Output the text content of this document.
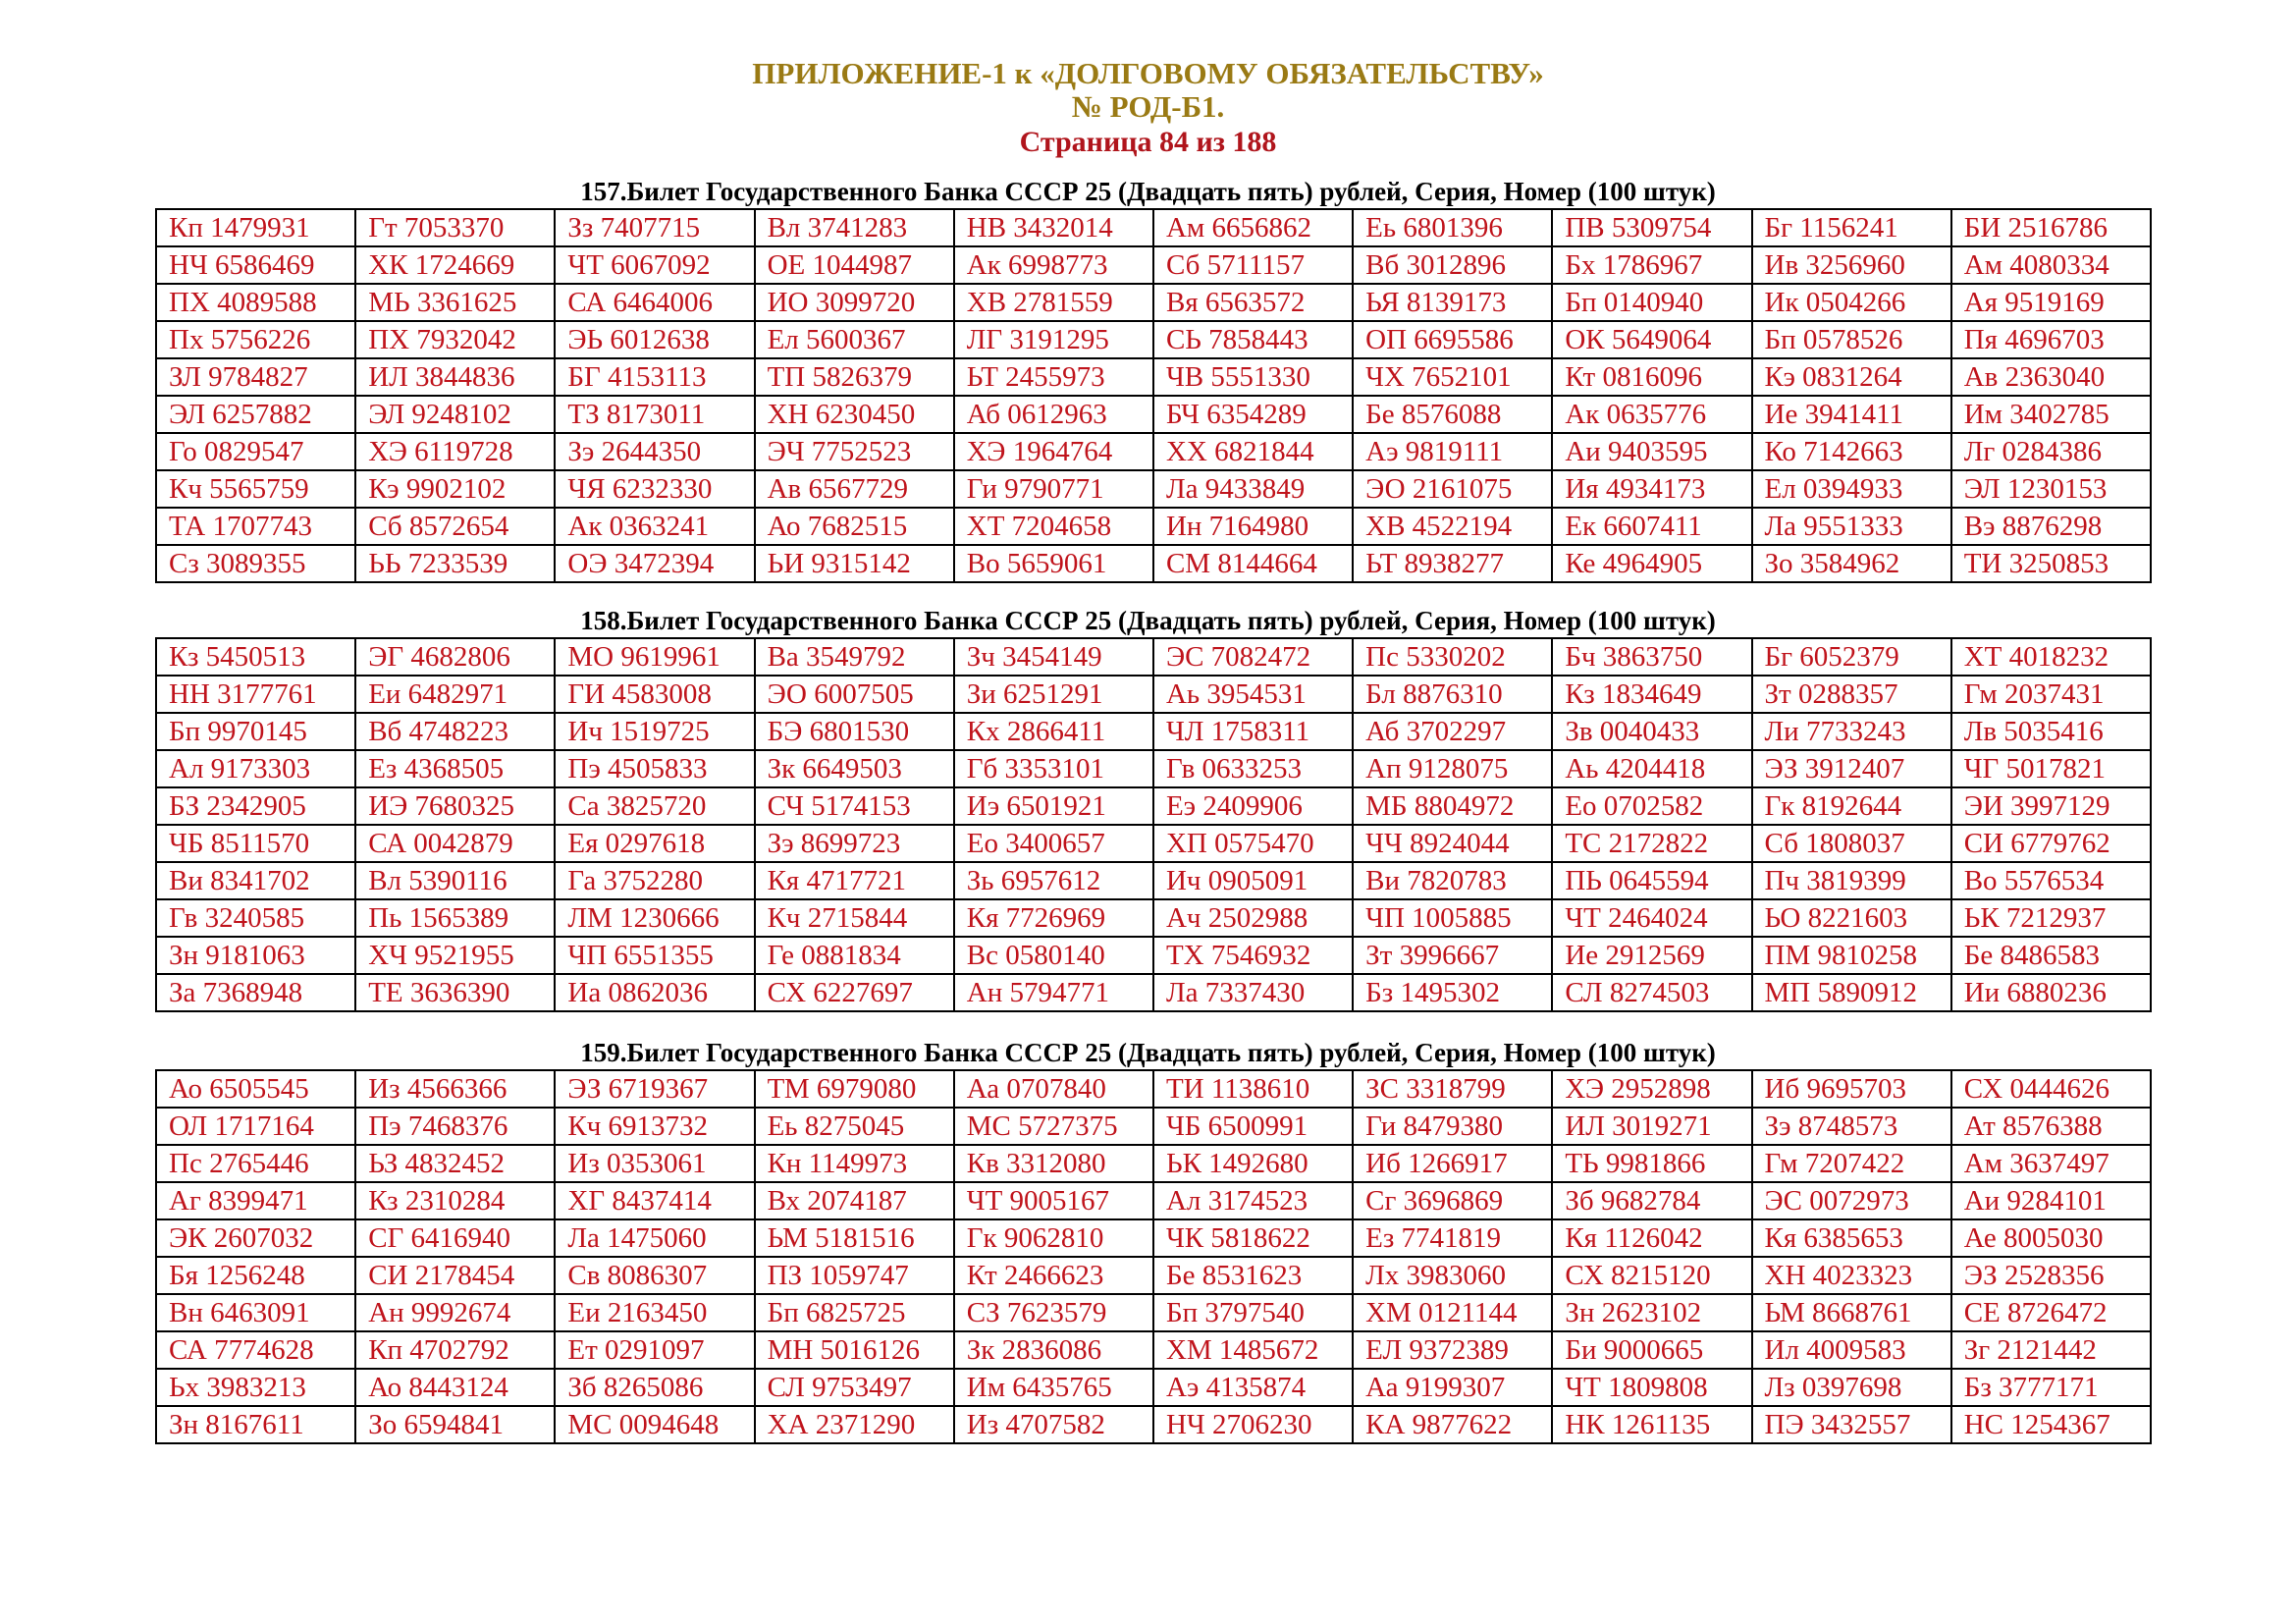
ПРИЛОЖЕНИЕ-1 к «ДОЛГОВОМУ ОБЯЗАТЕЛЬСТВУ»
№ РОД-Б1.
Страница 84 из 188
157.Билет Государственного Банка СССР 25 (Двадцать пять) рублей, Серия, Номер (100 штук)
Кп 1479931	Гт 7053370	Зз 7407715	Вл 3741283	НВ 3432014	Ам 6656862	Еь 6801396	ПВ 5309754	Бг 1156241	БИ 2516786
НЧ 6586469	ХК 1724669	ЧТ 6067092	ОЕ 1044987	Ак 6998773	Сб 5711157	Вб 3012896	Бх 1786967	Ив 3256960	Ам 4080334
ПХ 4089588	МЬ 3361625	СА 6464006	ИО 3099720	ХВ 2781559	Вя 6563572	ЬЯ 8139173	Бп 0140940	Ик 0504266	Ая 9519169
Пх 5756226	ПХ 7932042	ЭЬ 6012638	Ел 5600367	ЛГ 3191295	СЬ 7858443	ОП 6695586	ОК 5649064	Бп 0578526	Пя 4696703
ЗЛ 9784827	ИЛ 3844836	БГ 4153113	ТП 5826379	ЬТ 2455973	ЧВ 5551330	ЧХ 7652101	Кт 0816096	Кэ 0831264	Ав 2363040
ЭЛ 6257882	ЭЛ 9248102	ТЗ 8173011	ХН 6230450	Аб 0612963	БЧ 6354289	Бе 8576088	Ак 0635776	Ие 3941411	Им 3402785
Го 0829547	ХЭ 6119728	Зэ 2644350	ЭЧ 7752523	ХЭ 1964764	ХХ 6821844	Аэ 9819111	Аи 9403595	Ко 7142663	Лг 0284386
Кч 5565759	Кэ 9902102	ЧЯ 6232330	Ав 6567729	Ги 9790771	Ла 9433849	ЭО 2161075	Ия 4934173	Ел 0394933	ЭЛ 1230153
ТА 1707743	Сб 8572654	Ак 0363241	Ао 7682515	ХТ 7204658	Ин 7164980	ХВ 4522194	Ек 6607411	Ла 9551333	Вэ 8876298
Сз 3089355	ЬЬ 7233539	ОЭ 3472394	ЬИ 9315142	Во 5659061	СМ 8144664	ЬТ 8938277	Ке 4964905	Зо 3584962	ТИ 3250853
158.Билет Государственного Банка СССР 25 (Двадцать пять) рублей, Серия, Номер (100 штук)
Кз 5450513	ЭГ 4682806	МО 9619961	Ва 3549792	Зч 3454149	ЭС 7082472	Пс 5330202	Бч 3863750	Бг 6052379	ХТ 4018232
НН 3177761	Еи 6482971	ГИ 4583008	ЭО 6007505	Зи 6251291	Аь 3954531	Бл 8876310	Кз 1834649	Зт 0288357	Гм 2037431
Бп 9970145	Вб 4748223	Ич 1519725	БЭ 6801530	Кх 2866411	ЧЛ 1758311	Аб 3702297	Зв 0040433	Ли 7733243	Лв 5035416
Ал 9173303	Ез 4368505	Пэ 4505833	Зк 6649503	Гб 3353101	Гв 0633253	Ап 9128075	Аь 4204418	ЭЗ 3912407	ЧГ 5017821
БЗ 2342905	ИЭ 7680325	Са 3825720	СЧ 5174153	Иэ 6501921	Еэ 2409906	МБ 8804972	Ео 0702582	Гк 8192644	ЭИ 3997129
ЧБ 8511570	СА 0042879	Ея 0297618	Зэ 8699723	Ео 3400657	ХП 0575470	ЧЧ 8924044	ТС 2172822	Сб 1808037	СИ 6779762
Ви 8341702	Вл 5390116	Га 3752280	Кя 4717721	Зь 6957612	Ич 0905091	Ви 7820783	ПЬ 0645594	Пч 3819399	Во 5576534
Гв 3240585	Пь 1565389	ЛМ 1230666	Кч 2715844	Кя 7726969	Ач 2502988	ЧП 1005885	ЧТ 2464024	ЬО 8221603	ЬК 7212937
Зн 9181063	ХЧ 9521955	ЧП 6551355	Ге 0881834	Вс 0580140	ТХ 7546932	Зт 3996667	Ие 2912569	ПМ 9810258	Бе 8486583
За 7368948	ТЕ 3636390	Иа 0862036	СХ 6227697	Ан 5794771	Ла 7337430	Бз 1495302	СЛ 8274503	МП 5890912	Ии 6880236
159.Билет Государственного Банка СССР 25 (Двадцать пять) рублей, Серия, Номер (100 штук)
Ао 6505545	Из 4566366	ЭЗ 6719367	ТМ 6979080	Аа 0707840	ТИ 1138610	ЗС 3318799	ХЭ 2952898	Иб 9695703	СХ 0444626
ОЛ 1717164	Пэ 7468376	Кч 6913732	Еь 8275045	МС 5727375	ЧБ 6500991	Ги 8479380	ИЛ 3019271	Зэ 8748573	Ат 8576388
Пс 2765446	ЬЗ 4832452	Из 0353061	Кн 1149973	Кв 3312080	ЬК 1492680	Иб 1266917	ТЬ 9981866	Гм 7207422	Ам 3637497
Аг 8399471	Кз 2310284	ХГ 8437414	Вх 2074187	ЧТ 9005167	Ал 3174523	Сг 3696869	Зб 9682784	ЭС 0072973	Аи 9284101
ЭК 2607032	СГ 6416940	Ла 1475060	ЬМ 5181516	Гк 9062810	ЧК 5818622	Ез 7741819	Кя 1126042	Кя 6385653	Ае 8005030
Бя 1256248	СИ 2178454	Св 8086307	ПЗ 1059747	Кт 2466623	Бе 8531623	Лх 3983060	СХ 8215120	ХН 4023323	ЭЗ 2528356
Вн 6463091	Ан 9992674	Еи 2163450	Бп 6825725	СЗ 7623579	Бп 3797540	ХМ 0121144	Зн 2623102	ЬМ 8668761	СЕ 8726472
СА 7774628	Кп 4702792	Ет 0291097	МН 5016126	Зк 2836086	ХМ 1485672	ЕЛ 9372389	Би 9000665	Ил 4009583	Зг 2121442
Ьх 3983213	Ао 8443124	Зб 8265086	СЛ 9753497	Им 6435765	Аэ 4135874	Аа 9199307	ЧТ 1809808	Лз 0397698	Бз 3777171
Зн 8167611	Зо 6594841	МС 0094648	ХА 2371290	Из 4707582	НЧ 2706230	КА 9877622	НК 1261135	ПЭ 3432557	НС 1254367
